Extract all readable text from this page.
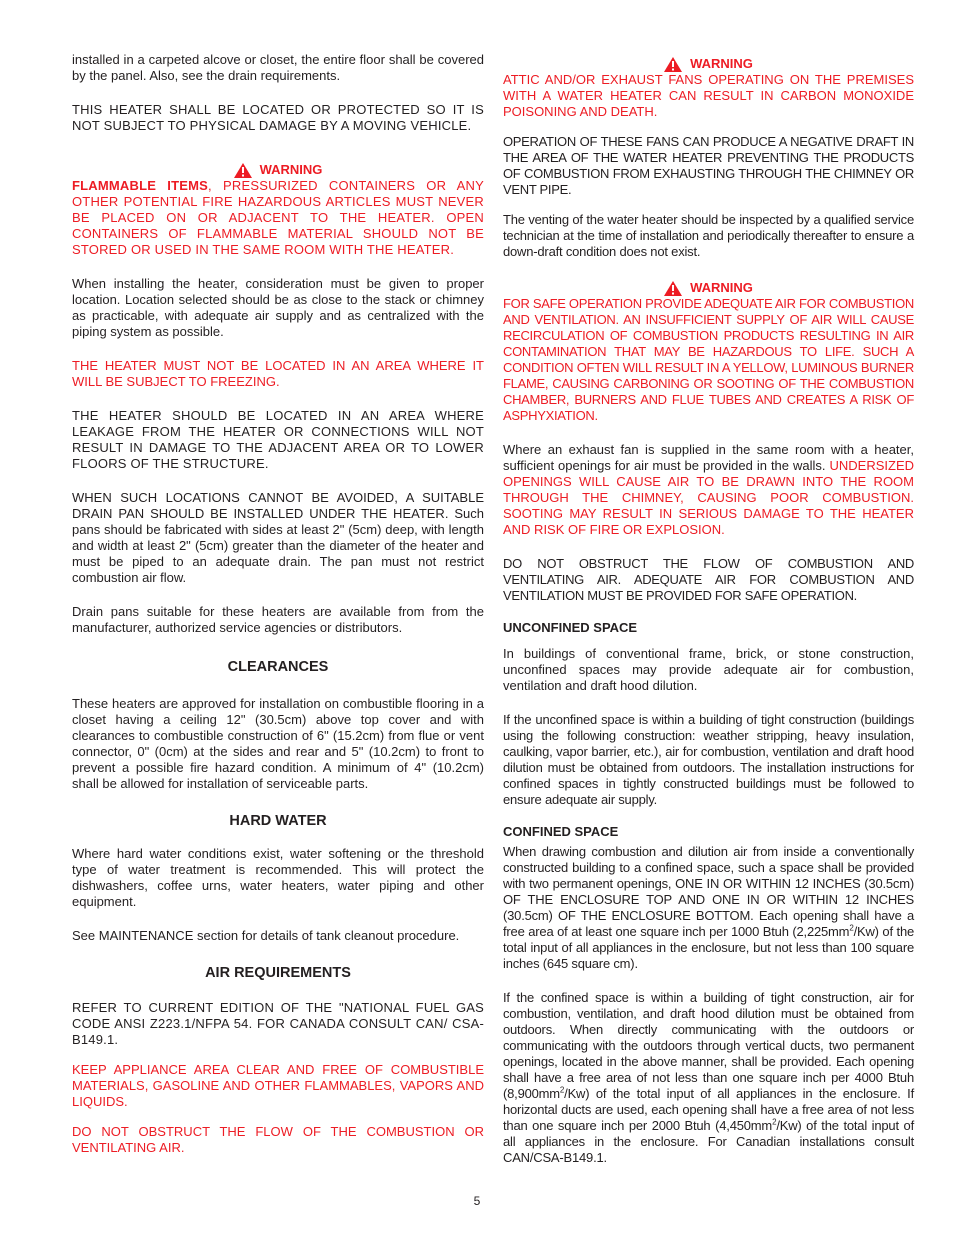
installed in a carpeted alcove or closet, the entire floor shall be covered by the panel. Also, see the drain requirements.

THIS HEATER SHALL BE LOCATED OR PROTECTED SO IT IS NOT SUBJECT TO PHYSICAL DAMAGE BY A MOVING VEHICLE.

WARNING

FLAMMABLE ITEMS, PRESSURIZED CONTAINERS OR ANY OTHER POTENTIAL FIRE HAZARDOUS ARTICLES MUST NEVER BE PLACED ON OR ADJACENT TO THE HEATER. OPEN CONTAINERS OF FLAMMABLE MATERIAL SHOULD NOT BE STORED OR USED IN THE SAME ROOM WITH THE HEATER.

When installing the heater, consideration must be given to proper location. Location selected should be as close to the stack or chimney as practicable, with adequate air supply and as centralized with the piping system as possible.

THE HEATER MUST NOT BE LOCATED IN AN AREA WHERE IT WILL BE SUBJECT TO FREEZING.

THE HEATER SHOULD BE LOCATED IN AN AREA WHERE LEAKAGE FROM THE HEATER OR CONNECTIONS WILL NOT RESULT IN DAMAGE TO THE ADJACENT AREA OR TO LOWER FLOORS OF THE STRUCTURE.

WHEN SUCH LOCATIONS CANNOT BE AVOIDED, A SUITABLE DRAIN PAN SHOULD BE INSTALLED UNDER THE HEATER. Such pans should be fabricated with sides at least 2" (5cm) deep, with length and width at least 2" (5cm) greater than the diameter of the heater and must be piped to an adequate drain. The pan must not restrict combustion air flow.

Drain pans suitable for these heaters are available from from the manufacturer, authorized service agencies or distributors.

CLEARANCES

These heaters are approved for installation on combustible flooring in a closet having a ceiling 12" (30.5cm) above top cover and with clearances to combustible construction of 6" (15.2cm) from flue or vent connector, 0" (0cm) at the sides and rear and 5" (10.2cm) to front to prevent a possible fire hazard condition. A minimum of 4" (10.2cm) shall be allowed for installation of serviceable parts.

HARD WATER

Where hard water conditions exist, water softening or the threshold type of water treatment is recommended. This will protect the dishwashers, coffee urns, water heaters, water piping and other equipment.

See MAINTENANCE section for details of tank cleanout procedure.

AIR REQUIREMENTS

REFER TO CURRENT EDITION OF THE "NATIONAL FUEL GAS CODE ANSI Z223.1/NFPA 54. FOR CANADA CONSULT CAN/ CSA-B149.1.

KEEP APPLIANCE AREA CLEAR AND FREE OF COMBUSTIBLE MATERIALS, GASOLINE AND OTHER FLAMMABLES, VAPORS AND LIQUIDS.

DO NOT OBSTRUCT THE FLOW OF THE COMBUSTION OR VENTILATING AIR.

WARNING

ATTIC AND/OR EXHAUST FANS OPERATING ON THE PREMISES WITH A WATER HEATER CAN RESULT IN CARBON MONOXIDE POISONING AND DEATH.

OPERATION OF THESE FANS CAN PRODUCE A NEGATIVE DRAFT IN THE AREA OF THE WATER HEATER PREVENTING THE PRODUCTS OF COMBUSTION FROM EXHAUSTING THROUGH THE CHIMNEY OR VENT PIPE.

The venting of the water heater should be inspected by a qualified service technician at the time of installation and periodically thereafter to ensure a down-draft condition does not exist.

WARNING

FOR SAFE OPERATION PROVIDE ADEQUATE AIR FOR COMBUSTION AND VENTILATION. AN INSUFFICIENT SUPPLY OF AIR WILL CAUSE RECIRCULATION OF COMBUSTION PRODUCTS RESULTING IN AIR CONTAMINATION THAT MAY BE HAZARDOUS TO LIFE. SUCH A CONDITION OFTEN WILL RESULT IN A YELLOW, LUMINOUS BURNER FLAME, CAUSING CARBONING OR SOOTING OF THE COMBUSTION CHAMBER, BURNERS AND FLUE TUBES AND CREATES A RISK OF ASPHYXIATION.

Where an exhaust fan is supplied in the same room with a heater, sufficient openings for air must be provided in the walls. UNDERSIZED OPENINGS WILL CAUSE AIR TO BE DRAWN INTO THE ROOM THROUGH THE CHIMNEY, CAUSING POOR COMBUSTION. SOOTING MAY RESULT IN SERIOUS DAMAGE TO THE HEATER AND RISK OF FIRE OR EXPLOSION.

DO NOT OBSTRUCT THE FLOW OF COMBUSTION AND VENTILATING AIR. ADEQUATE AIR FOR COMBUSTION AND VENTILATION MUST BE PROVIDED FOR SAFE OPERATION.

UNCONFINED SPACE

In buildings of conventional frame, brick, or stone construction, unconfined spaces may provide adequate air for combustion, ventilation and draft hood dilution.

If the unconfined space is within a building of tight construction (buildings using the following construction: weather stripping, heavy insulation, caulking, vapor barrier, etc.), air for combustion, ventilation and draft hood dilution must be obtained from outdoors. The installation instructions for confined spaces in tightly constructed buildings must be followed to ensure adequate air supply.

CONFINED SPACE

When drawing combustion and dilution air from inside a conventionally constructed building to a confined space, such a space shall be provided with two permanent openings, ONE IN OR WITHIN 12 INCHES (30.5cm) OF THE ENCLOSURE TOP AND ONE IN OR WITHIN 12 INCHES (30.5cm) OF THE ENCLOSURE BOTTOM. Each opening shall have a free area of at least one square inch per 1000 Btuh $(2,225mm^2/Kw)$ of the total input of all appliances in the enclosure, but not less than 100 square inches (645 square cm).

If the confined space is within a building of tight construction, air for combustion, ventilation, and draft hood dilution must be obtained from outdoors. When directly communicating with the outdoors or communicating with the outdoors through vertical ducts, two permanent openings, located in the above manner, shall be provided. Each opening shall have a free area of not less than one square inch per 4000 Btuh $(8,900mm^2/Kw)$ of the total input of all appliances in the enclosure. If horizontal ducts are used, each opening shall have a free area of not less than one square inch per 2000 Btuh $(4,450mm^2/Kw)$ of the total input of all appliances in the enclosure. For Canadian installations consult CAN/CSA-B149.1.

5
